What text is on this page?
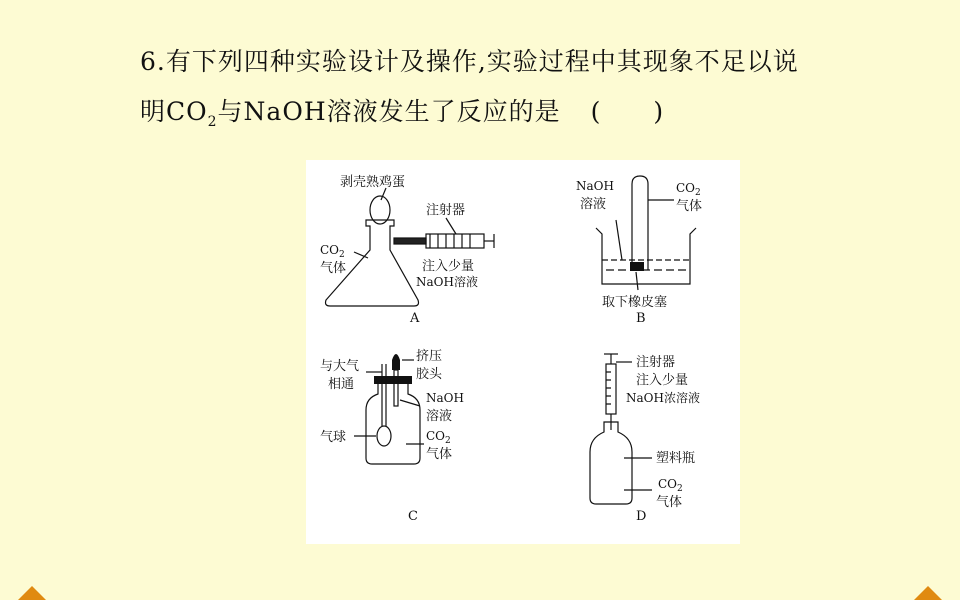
6.有下列四种实验设计及操作,实验过程中其现象不足以说
明$CO_2$与NaOH溶液发生了反应的是 (　　)
剥壳熟鸡蛋
注射器
$CO_2$
气体	注入少量
NaOH溶液
A
NaOH
溶液
$CO_2$
气体
取下橡皮塞
B
与大气
相通
挤压
胶头
NaOH
溶液
气球	$CO_2$
气体
C
注射器
注入少量
NaOH浓溶液
塑料瓶
$CO_2$
气体
D
